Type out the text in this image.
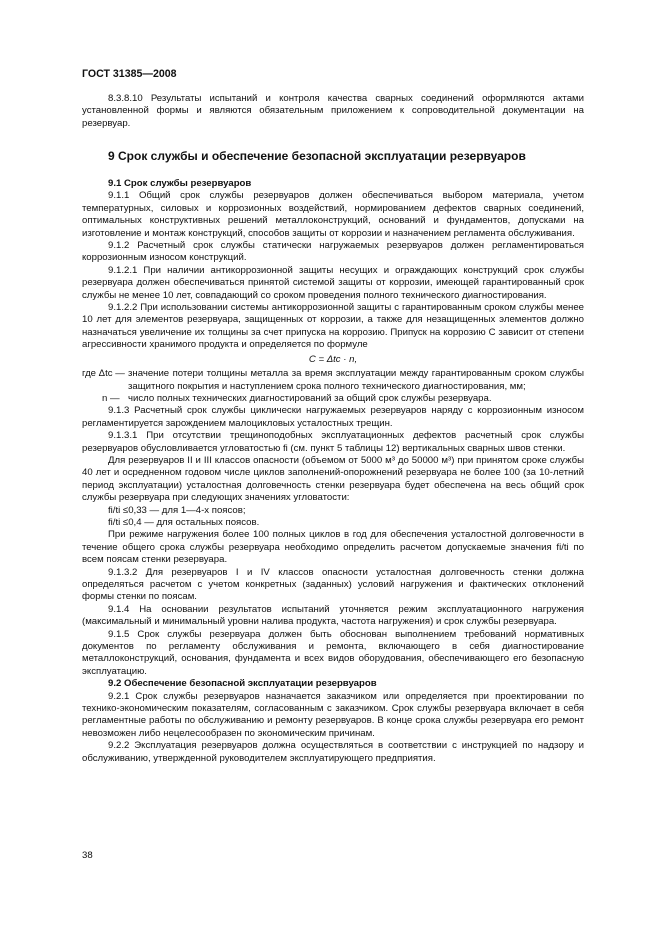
ГОСТ 31385—2008

8.3.8.10 Результаты испытаний и контроля качества сварных соединений оформляются актами установленной формы и являются обязательным приложением к сопроводительной документации на резервуар.

9 Срок службы и обеспечение безопасной эксплуатации резервуаров
9.1 Срок службы резервуаров

9.1.1 Общий срок службы резервуаров должен обеспечиваться выбором материала, учетом температурных, силовых и коррозионных воздействий, нормированием дефектов сварных соединений, оптимальных конструктивных решений металлоконструкций, оснований и фундаментов, допусками на изготовление и монтаж конструкций, способов защиты от коррозии и назначением регламента обслуживания.

9.1.2 Расчетный срок службы статически нагружаемых резервуаров должен регламентироваться коррозионным износом конструкций.

9.1.2.1 При наличии антикоррозионной защиты несущих и ограждающих конструкций срок службы резервуара должен обеспечиваться принятой системой защиты от коррозии, имеющей гарантированный срок службы не менее 10 лет, совпадающий со сроком проведения полного технического диагностирования.

9.1.2.2 При использовании системы антикоррозионной защиты с гарантированным сроком службы менее 10 лет для элементов резервуара, защищенных от коррозии, а также для незащищенных элементов должно назначаться увеличение их толщины за счет припуска на коррозию. Припуск на коррозию C зависит от степени агрессивности хранимого продукта и определяется по формуле

C = Δtс · n,
где Δtс — значение потери толщины металла за время эксплуатации между гарантированным сроком службы защитного покрытия и наступлением срока полного технического диагностирования, мм;
n — число полных технических диагностирований за общий срок службы резервуара.

9.1.3 Расчетный срок службы циклически нагружаемых резервуаров наряду с коррозионным износом регламентируется зарождением малоцикловых усталостных трещин.

9.1.3.1 При отсутствии трещиноподобных эксплуатационных дефектов расчетный срок службы резервуаров обусловливается угловатостью fi (см. пункт 5 таблицы 12) вертикальных сварных швов стенки.

Для резервуаров II и III классов опасности (объемом от 5000 м³ до 50000 м³) при принятом сроке службы 40 лет и осредненном годовом числе циклов заполнений-опорожнений резервуара не более 100 (за 10-летний период эксплуатации) усталостная долговечность стенки резервуара будет обеспечена на весь общий срок службы резервуара при следующих значениях угловатости:

fi/ti ≤0,33 — для 1—4-х поясов;
fi/ti ≤0,4 — для остальных поясов.

При режиме нагружения более 100 полных циклов в год для обеспечения усталостной долговечности в течение общего срока службы резервуара необходимо определить расчетом допускаемые значения fi/ti по всем поясам стенки резервуара.

9.1.3.2 Для резервуаров I и IV классов опасности усталостная долговечность стенки должна определяться расчетом с учетом конкретных (заданных) условий нагружения и фактических отклонений формы стенки по поясам.

9.1.4 На основании результатов испытаний уточняется режим эксплуатационного нагружения (максимальный и минимальный уровни налива продукта, частота нагружения) и срок службы резервуара.

9.1.5 Срок службы резервуара должен быть обоснован выполнением требований нормативных документов по регламенту обслуживания и ремонта, включающего в себя диагностирование металлоконструкций, основания, фундамента и всех видов оборудования, обеспечивающего его безопасную эксплуатацию.

9.2 Обеспечение безопасной эксплуатации резервуаров

9.2.1 Срок службы резервуаров назначается заказчиком или определяется при проектировании по технико-экономическим показателям, согласованным с заказчиком. Срок службы резервуара включает в себя регламентные работы по обслуживанию и ремонту резервуаров. В конце срока службы резервуара его ремонт невозможен либо нецелесообразен по экономическим причинам.

9.2.2 Эксплуатация резервуаров должна осуществляться в соответствии с инструкцией по надзору и обслуживанию, утвержденной руководителем эксплуатирующего предприятия.

38
